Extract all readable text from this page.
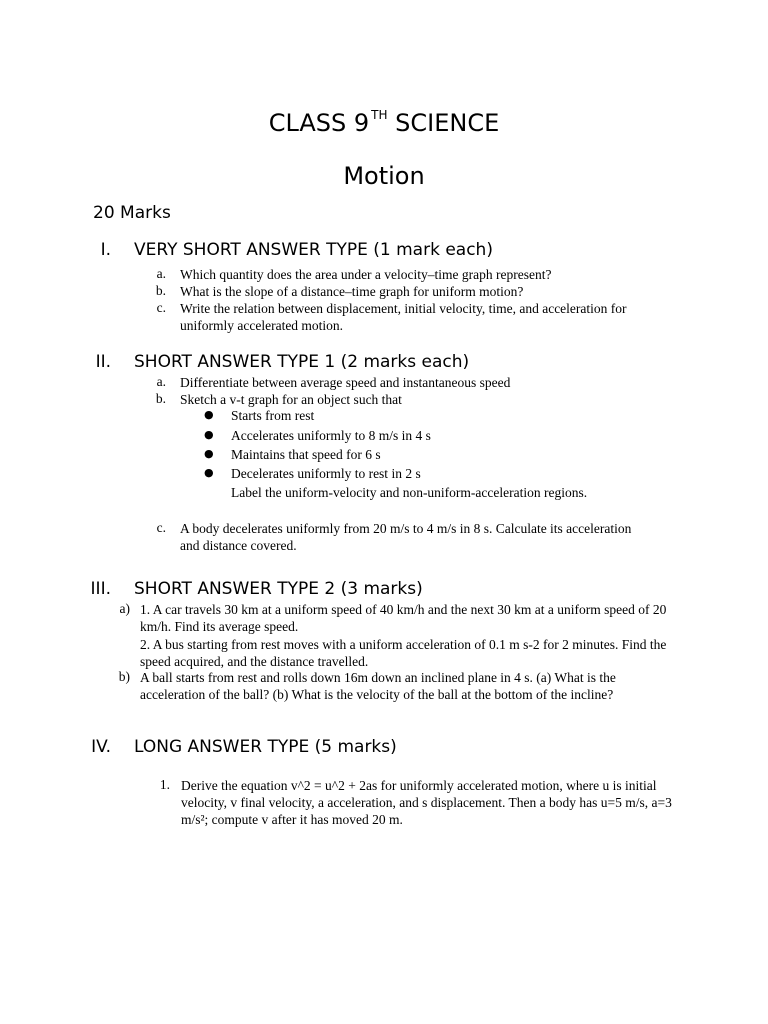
CLASS 9 $^{TH}$ SCIENCE
Motion
20 Marks
I. VERY SHORT ANSWER TYPE (1 mark each)
a. Which quantity does the area under a velocity–time graph represent?
b. What is the slope of a distance–time graph for uniform motion?
c. Write the relation between displacement, initial velocity, time, and acceleration for uniformly accelerated motion.
II. SHORT ANSWER TYPE 1 (2 marks each)
a. Differentiate between average speed and instantaneous speed
b. Sketch a v-t graph for an object such that
● Starts from rest
● Accelerates uniformly to 8 m/s in 4 s
● Maintains that speed for 6 s
● Decelerates uniformly to rest in 2 s
Label the uniform-velocity and non-uniform-acceleration regions.
c. A body decelerates uniformly from 20 m/s to 4 m/s in 8 s. Calculate its acceleration and distance covered.
III. SHORT ANSWER TYPE 2 (3 marks)
a) 1. A car travels 30 km at a uniform speed of 40 km/h and the next 30 km at a uniform speed of 20 km/h. Find its average speed.
2. A bus starting from rest moves with a uniform acceleration of 0.1 m s-2 for 2 minutes. Find the speed acquired, and the distance travelled.
b) A ball starts from rest and rolls down 16m down an inclined plane in 4 s. (a) What is the acceleration of the ball? (b) What is the velocity of the ball at the bottom of the incline?
IV. LONG ANSWER TYPE (5 marks)
1. Derive the equation v^2 = u^2 + 2as for uniformly accelerated motion, where u is initial velocity, v final velocity, a acceleration, and s displacement. Then a body has u=5 m/s, a=3 m/s²; compute v after it has moved 20 m.
